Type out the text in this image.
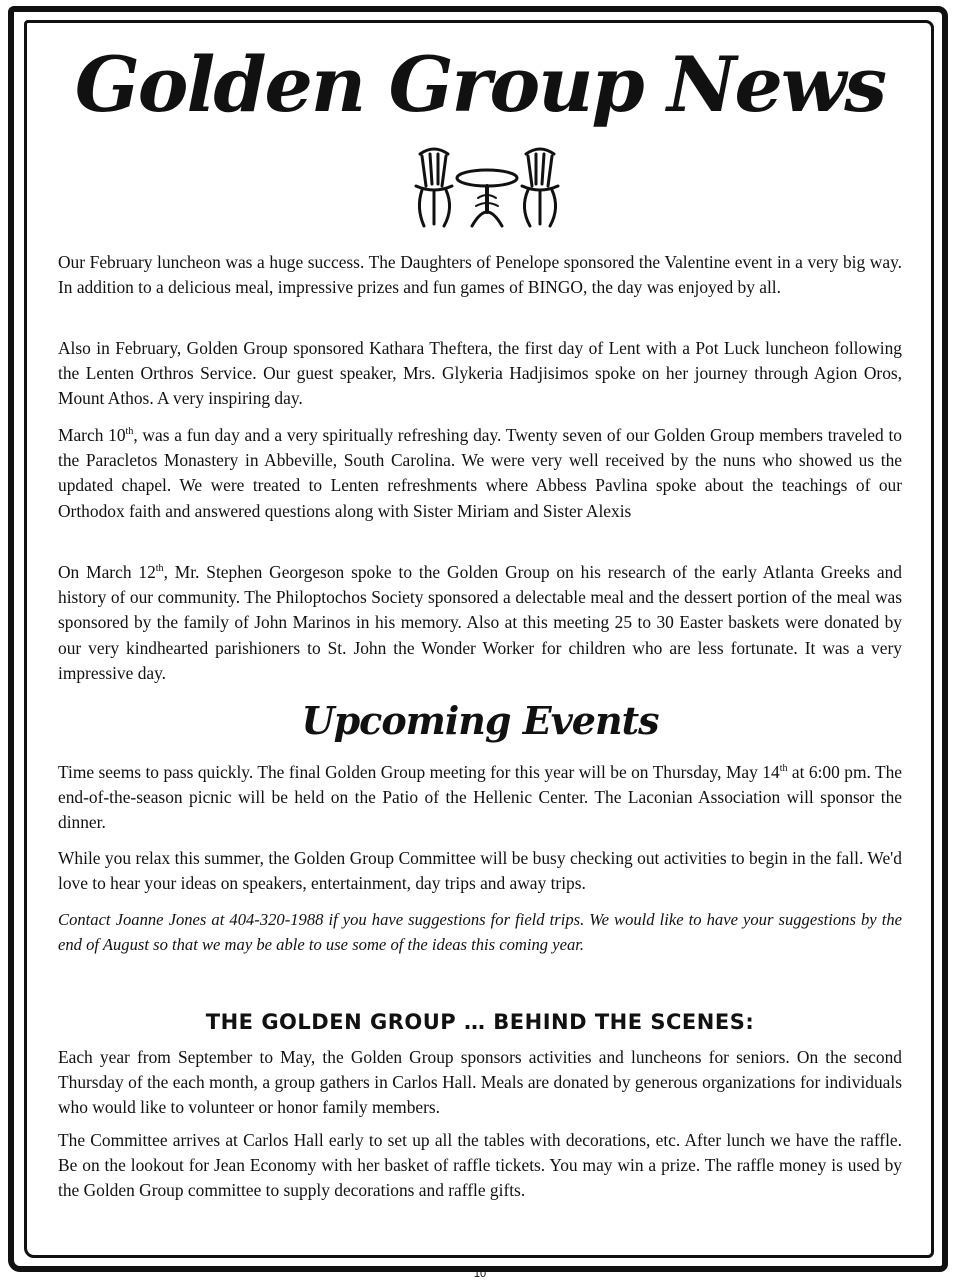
Golden Group News

Our February luncheon was a huge success. The Daughters of Penelope sponsored the Valentine event in a very big way. In addition to a delicious meal, impressive prizes and fun games of BINGO, the day was enjoyed by all.

Also in February, Golden Group sponsored Kathara Theftera, the first day of Lent with a Pot Luck luncheon following the Lenten Orthros Service. Our guest speaker, Mrs. Glykeria Hadjisimos spoke on her journey through Agion Oros, Mount Athos. A very inspiring day.

March 10th, was a fun day and a very spiritually refreshing day. Twenty seven of our Golden Group members traveled to the Paracletos Monastery in Abbeville, South Carolina. We were very well received by the nuns who showed us the updated chapel. We were treated to Lenten refreshments where Abbess Pavlina spoke about the teachings of our Orthodox faith and answered questions along with Sister Miriam and Sister Alexis

On March 12th, Mr. Stephen Georgeson spoke to the Golden Group on his research of the early Atlanta Greeks and history of our community. The Philoptochos Society sponsored a delectable meal and the dessert portion of the meal was sponsored by the family of John Marinos in his memory. Also at this meeting 25 to 30 Easter baskets were donated by our very kindhearted parishioners to St. John the Wonder Worker for children who are less fortunate. It was a very impressive day.

Upcoming Events

Time seems to pass quickly. The final Golden Group meeting for this year will be on Thursday, May 14th at 6:00 pm. The end-of-the-season picnic will be held on the Patio of the Hellenic Center. The Laconian Association will sponsor the dinner.

While you relax this summer, the Golden Group Committee will be busy checking out activities to begin in the fall. We'd love to hear your ideas on speakers, entertainment, day trips and away trips.

Contact Joanne Jones at 404-320-1988 if you have suggestions for field trips. We would like to have your suggestions by the end of August so that we may be able to use some of the ideas this coming year.

THE GOLDEN GROUP … BEHIND THE SCENES:

Each year from September to May, the Golden Group sponsors activities and luncheons for seniors. On the second Thursday of the each month, a group gathers in Carlos Hall. Meals are donated by generous organizations for individuals who would like to volunteer or honor family members.

The Committee arrives at Carlos Hall early to set up all the tables with decorations, etc. After lunch we have the raffle. Be on the lookout for Jean Economy with her basket of raffle tickets. You may win a prize. The raffle money is used by the Golden Group committee to supply decorations and raffle gifts.

10
